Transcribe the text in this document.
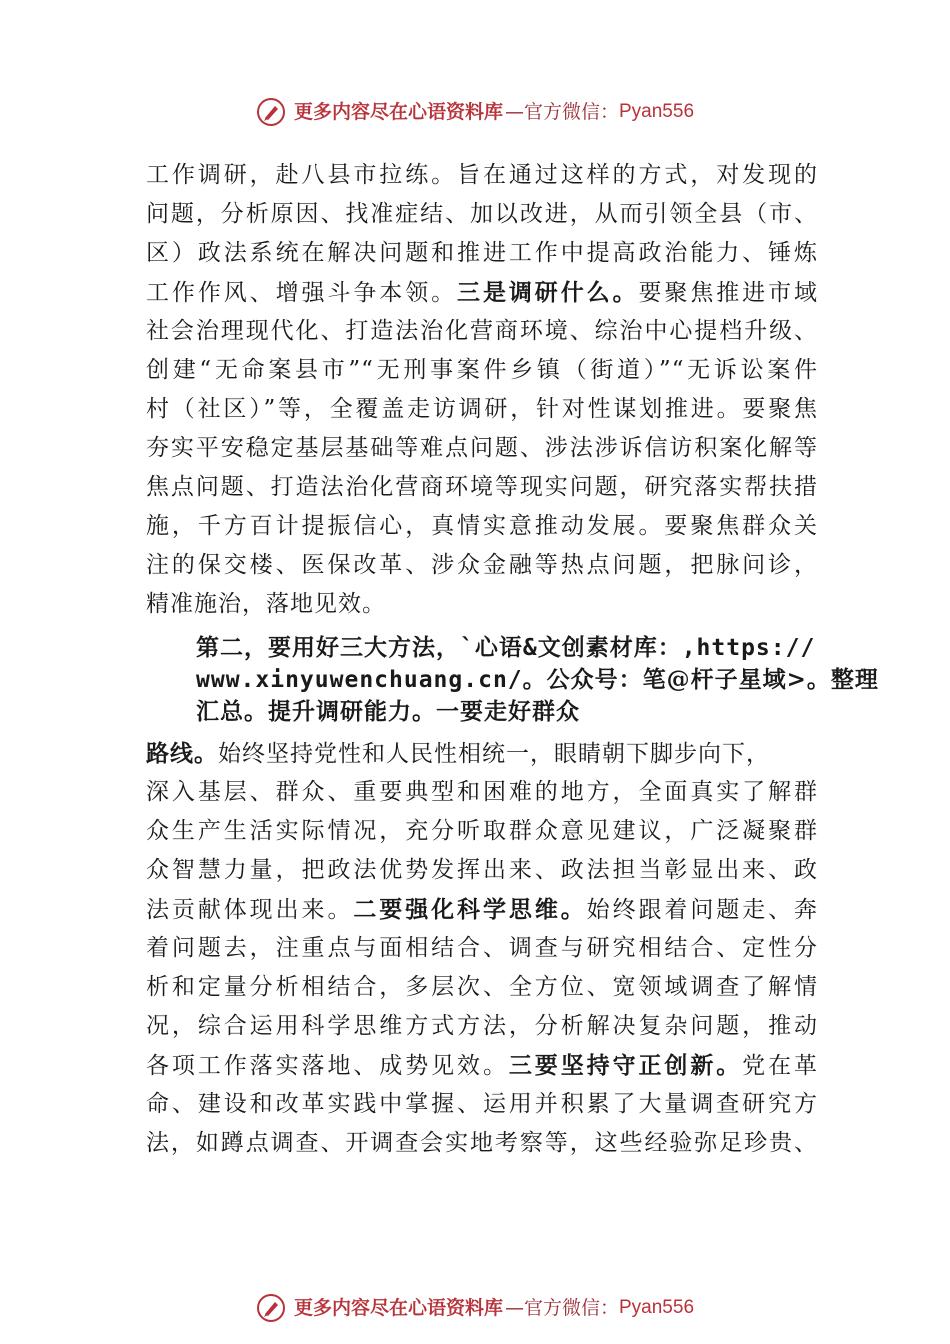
更多内容尽在心语资料库 —官方微信： Pyan556
工作调研，赴八县市拉练。旨在通过这样的方式，对发现的
问题，分析原因、找准症结、加以改进，从而引领全县（市、
区）政法系统在解决问题和推进工作中提高政治能力、锤炼
工作作风、增强斗争本领。三是调研什么。要聚焦推进市域
社会治理现代化、打造法治化营商环境、综治中心提档升级、
创建“无命案县市”“无刑事案件乡镇（街道）”“无诉讼案件
村（社区）”等，全覆盖走访调研，针对性谋划推进。要聚焦
夯实平安稳定基层基础等难点问题、涉法涉诉信访积案化解等
焦点问题、打造法治化营商环境等现实问题，研究落实帮扶措
施，千方百计提振信心，真情实意推动发展。要聚焦群众关
注的保交楼、医保改革、涉众金融等热点问题，把脉问诊，
精准施治，落地见效。
第二，要用好三大方法，`心语&文创素材库：,https://
www.xinyuwenchuang.cn/。公众号：笔@杆子星域>。整理
汇总。提升调研能力。一要走好群众
路线。始终坚持党性和人民性相统一，眼睛朝下脚步向下，
深入基层、群众、重要典型和困难的地方，全面真实了解群
众生产生活实际情况，充分听取群众意见建议，广泛凝聚群
众智慧力量，把政法优势发挥出来、政法担当彰显出来、政
法贡献体现出来。二要强化科学思维。始终跟着问题走、奔
着问题去，注重点与面相结合、调查与研究相结合、定性分
析和定量分析相结合，多层次、全方位、宽领域调查了解情
况，综合运用科学思维方式方法，分析解决复杂问题，推动
各项工作落实落地、成势见效。三要坚持守正创新。党在革
命、建设和改革实践中掌握、运用并积累了大量调查研究方
法，如蹲点调查、开调查会实地考察等，这些经验弥足珍贵、
更多内容尽在心语资料库 —官方微信： Pyan556
